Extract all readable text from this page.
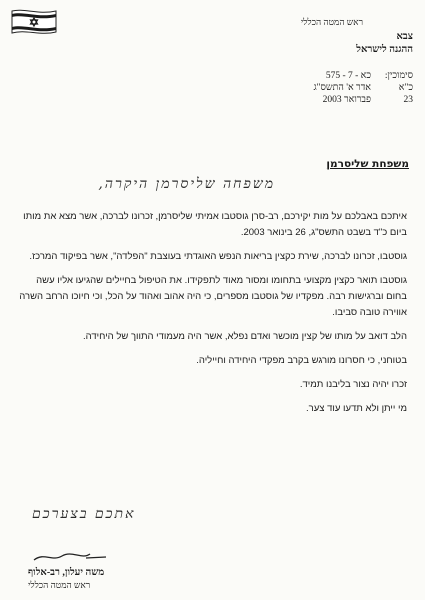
ראש המטה הכללי
צבא
ההגנה לישראל
סימוכין:
כא - 7 - 575
כ"א
אדר א' התשס"ג
23
פברואר 2003
משפחת שליסרמן
משפחה שליסרמן היקרה,

איתכם באבלכם על מות יקירכם, רב-סרן גוסטבו אמיתי שליסרמן, זכרונו לברכה, אשר מצא את מותו ביום כ"ד בשבט התשס"ג, 26 בינואר 2003.

גוסטבו, זכרונו לברכה, שירת כקצין בריאות הנפש האוגדתי בעוצבת "הפלדה", אשר בפיקוד המרכז.

גוסטבו תואר כקצין מקצועי בתחומו ומסור מאוד לתפקידו. את הטיפול בחיילים שהגיעו אליו עשה בחום וברגישות רבה. מפקדיו של גוסטבו מספרים, כי היה אהוב ואהוד על הכל, וכי חיוכו הרחב השרה אווירה טובה סביבו.

הלב דואב על מותו של קצין מוכשר ואדם נפלא, אשר היה מעמודי התווך של היחידה.

בטוחני, כי חסרונו מורגש בקרב מפקדי היחידה וחייליה.

זכרו יהיה נצור בליבנו תמיד.

מי ייתן ולא תדעו עוד צער.

אתכם בצערכם
משה יעלון, רב-אלוף
ראש המטה הכללי
